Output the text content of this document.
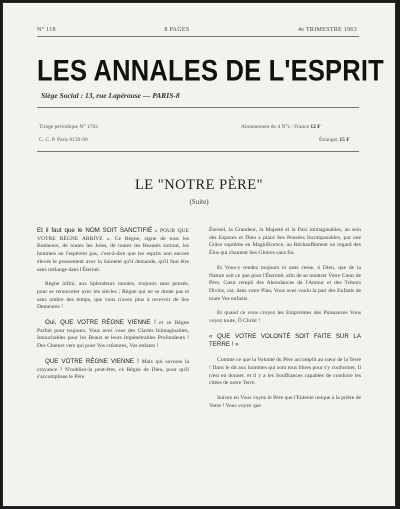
N° 118	8 PAGES	4e TRIMESTRE 1963
LES ANNALES DE L'ESPRIT
Siège Social : 13, rue Lapérouse — PARIS-8
Tirage périodique N° 1702
C. C. P. Paris 8139-90
Abonnement de 4 N°s : France 12 F
Étranger 15 F
LE "NOTRE PÈRE"
(Suite)

Et il faut que le NOM SOIT SANCTIFIÉ « POUR QUE VOTRE RÈGNE ARRIVE ». Ce Règne, signe de tous les Bonheurs, de toutes les Joies, de toutes les Beautés surtout, les hommes ne l'espèrent pas, c'est-à-dire que les esprits non encore élevés le pressentent avec la Sainteté qu'il demande, qu'il faut être sans mélange dans l'Éternel.

Règne infini, aux Splendeurs inouïes, toujours sans pensée, pour se renouveler avec les siècles ; Règne qui ne se doute pas et sans ombre des temps, que vous n'avez plus à recevoir de Ses Demeures !

Oui, QUE VOTRE RÈGNE VIENNE ! et ce Règne Parfait pour toujours. Vous avez vous des Clartés Inimaginables, Intouchables pour les Beaux et leurs Impénétrables Profondeurs ! Des Chœurs vers qui pour Vos créatures, Vos enfants !

QUE VOTRE RÈGNE VIENNE ! Mais qui savions la croyance ? N'oubliez-la peut-être, ce Règne de Dieu, pour qu'il s'accomplisse le Père

Éternel, la Grandeur, la Majesté et la Paix inimaginables, au sein des Espaces et Dieu a placé Ses Pensées Incomparables, par une Grâce suprême en Magnificence, au Réchauffement un regard des Élus qui chantent Ses Gloires sans fin.

Et Vous-y rendez toujours et sans cesse, ô Dieu, que de la Nature soit ce que pour l'Éternité, afin de se montrer Votre Cœur de Père, Cœur rempli des Abondances de l'Amour et des Trésors Divins, car, dans votre Plan, Vous avez voulu la part des Enfants de toute Vos enfants.

Et quand ce vous croyez les Empreintes des Puissances Vous voyez toute, Ô Christ !

« QUE VOTRE VOLONTÉ SOIT FAITE SUR LA TERRE ! »

Comme ce que la Volonté du Père accomplit au cœur de la Terre ! Dans le dit aux hommes qui sont tous libres pour s'y conformer. Il n'est en donner, et il y a les Souffrances capables de conduire les citées de notre Terre.

Suivez en Vous voyez le Père que l'Entente unique à la prière de Votre ! Vous voyez que
